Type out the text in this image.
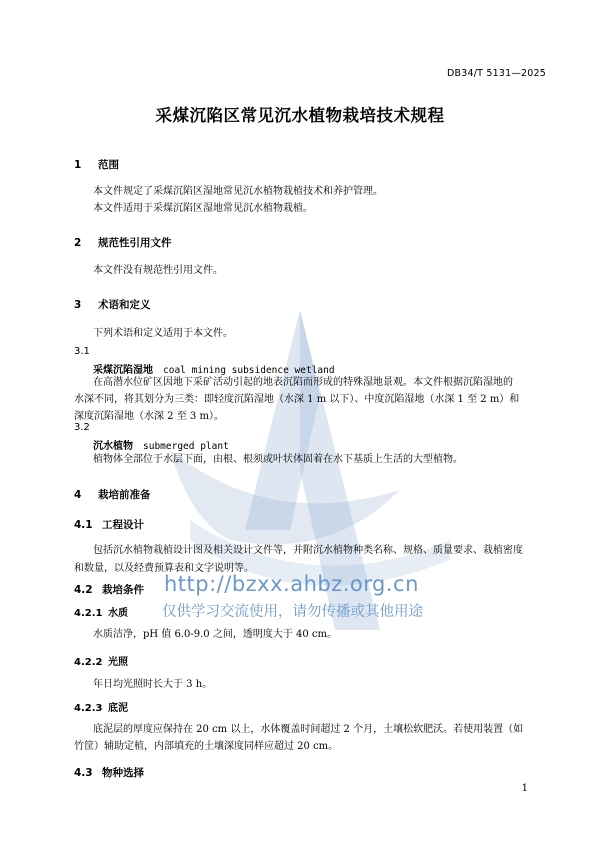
DB34/T 5131—2025
采煤沉陷区常见沉水植物栽培技术规程
1 范围
本文件规定了采煤沉陷区湿地常见沉水植物栽植技术和养护管理。
本文件适用于采煤沉陷区湿地常见沉水植物栽植。
2 规范性引用文件
本文件没有规范性引用文件。
3 术语和定义
下列术语和定义适用于本文件。
3.1
采煤沉陷湿地 coal mining subsidence wetland
在高潜水位矿区因地下采矿活动引起的地表沉陷而形成的特殊湿地景观。本文件根据沉陷湿地的
水深不同，将其划分为三类：即轻度沉陷湿地（水深 1 m 以下）、中度沉陷湿地（水深 1 至 2 m）和
深度沉陷湿地（水深 2 至 3 m）。
3.2
沉水植物 submerged plant
植物体全部位于水层下面，由根、根须或叶状体固着在水下基质上生活的大型植物。
4 栽培前准备
4.1 工程设计
包括沉水植物栽植设计图及相关设计文件等，并附沉水植物种类名称、规格、质量要求、栽植密度
和数量，以及经费预算表和文字说明等。
4.2 栽培条件
4.2.1 水质
水质洁净，pH 值 6.0-9.0 之间，透明度大于 40 cm。
4.2.2 光照
年日均光照时长大于 3 h。
4.2.3 底泥
底泥层的厚度应保持在 20 cm 以上，水体覆盖时间超过 2 个月，土壤松软肥沃。若使用装置（如
竹筐）辅助定植，内部填充的土壤深度同样应超过 20 cm。
4.3 物种选择
1
http://bzxx.ahbz.org.cn
仅供学习交流使用，请勿传播或其他用途
